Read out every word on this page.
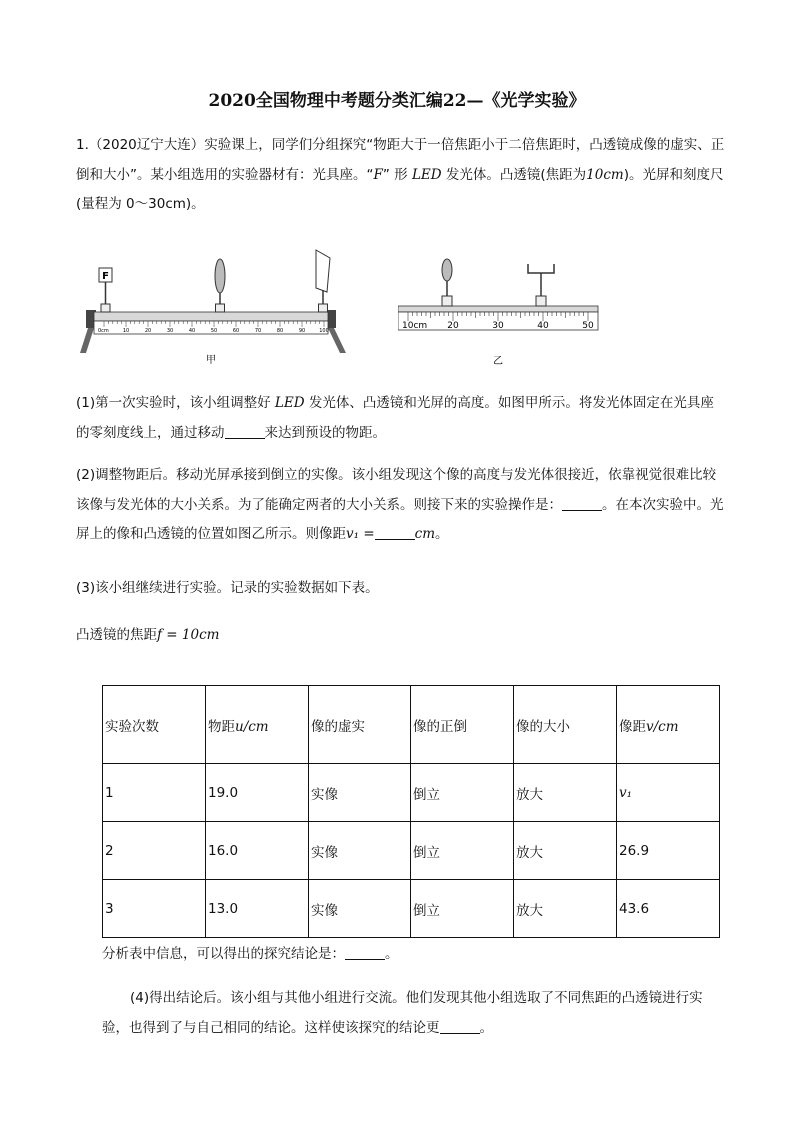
2020全国物理中考题分类汇编22—《光学实验》
1.（2020辽宁大连）实验课上，同学们分组探究“物距大于一倍焦距小于二倍焦距时，凸透镜成像的虚实、正倒和大小”。某小组选用的实验器材有：光具座。“F” 形 LED 发光体。凸透镜(焦距为10cm)。光屏和刻度尺(量程为 0～30cm)。
0cm	10	20	30	40	50	60	70	80	90	100
F
甲
10cm 20	30	40	50
乙
(1)第一次实验时，该小组调整好 LED 发光体、凸透镜和光屏的高度。如图甲所示。将发光体固定在光具座的零刻度线上，通过移动	来达到预设的物距。
(2)调整物距后。移动光屏承接到倒立的实像。该小组发现这个像的高度与发光体很接近，依靠视觉很难比较该像与发光体的大小关系。为了能确定两者的大小关系。则接下来的实验操作是：	。在本次实验中。光屏上的像和凸透镜的位置如图乙所示。则像距v₁ =	cm。
(3)该小组继续进行实验。记录的实验数据如下表。
凸透镜的焦距f = 10cm
实验次数	物距u/cm	像的虚实	像的正倒	像的大小	像距v/cm
1	19.0	实像	倒立	放大	v₁
2	16.0	实像	倒立	放大	26.9
3	13.0	实像	倒立	放大	43.6
分析表中信息，可以得出的探究结论是：	。
(4)得出结论后。该小组与其他小组进行交流。他们发现其他小组选取了不同焦距的凸透镜进行实验，也得到了与自己相同的结论。这样使该探究的结论更	。
